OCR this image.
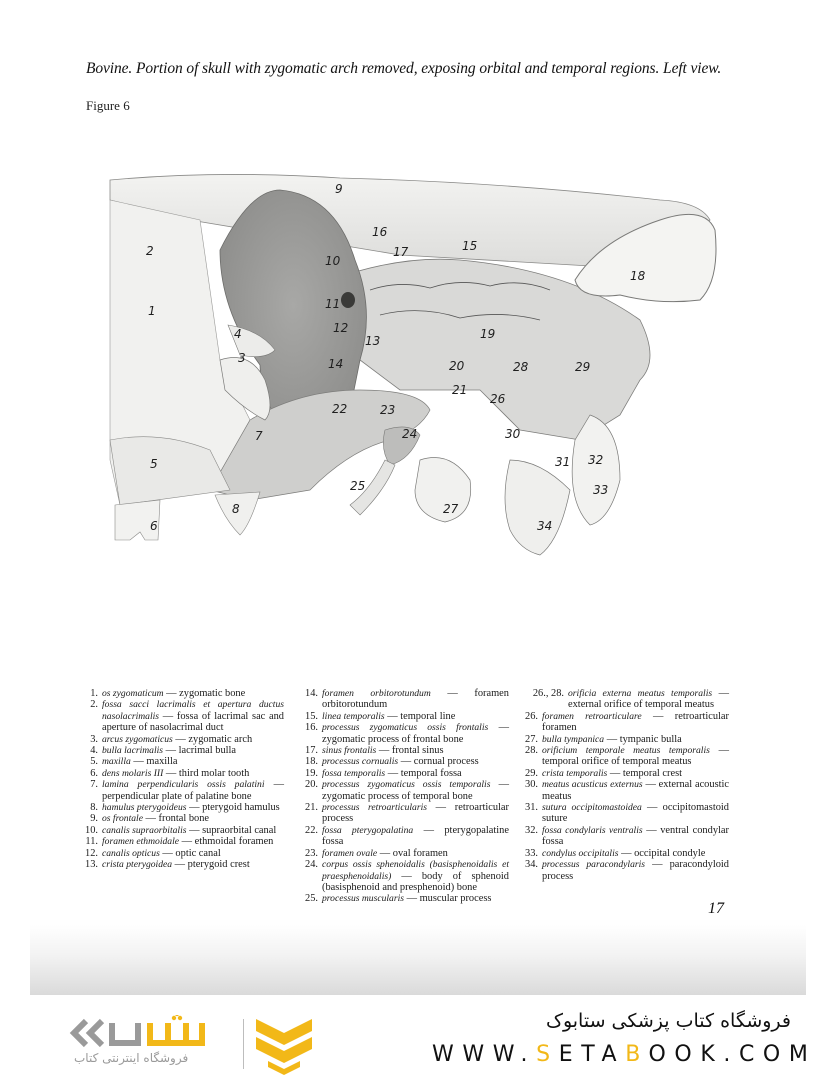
Bovine. Portion of skull with zygomatic arch removed, exposing orbital and temporal regions. Left view.
Figure 6
2
1
4
3
5
6
7
8
9
10
11
12
13
14
15
16
17
18
19
20
21
22	23
24
25
26
27
28	29
30
31 32
33
34
1. os zygomaticum — zygomatic bone
2. fossa sacci lacrimalis et apertura ductus nasolacrimalis — fossa of lacrimal sac and aperture of nasolacrimal duct
3. arcus zygomaticus — zygomatic arch
4. bulla lacrimalis — lacrimal bulla
5. maxilla — maxilla
6. dens molaris III — third molar tooth
7. lamina perpendicularis ossis palatini — perpendicular plate of palatine bone
8. hamulus pterygoideus — pterygoid hamulus
9. os frontale — frontal bone
10. canalis supraorbitalis — supraorbital canal
11. foramen ethmoidale — ethmoidal foramen
12. canalis opticus — optic canal
13. crista pterygoidea — pterygoid crest
14. foramen orbitorotundum — foramen orbitorotundum
15. linea temporalis — temporal line
16. processus zygomaticus ossis frontalis — zygomatic process of frontal bone
17. sinus frontalis — frontal sinus
18. processus cornualis — cornual process
19. fossa temporalis — temporal fossa
20. processus zygomaticus ossis temporalis — zygomatic process of temporal bone
21. processus retroarticularis — retroarticular process
22. fossa pterygopalatina — pterygopalatine fossa
23. foramen ovale — oval foramen
24. corpus ossis sphenoidalis (basisphenoidalis et praesphenoidalis) — body of sphenoid (basisphenoid and presphenoid) bone
25. processus muscularis — muscular process
26., 28. orificia externa meatus temporalis — external orifice of temporal meatus
26. foramen retroarticulare — retroarticular foramen
27. bulla tympanica — tympanic bulla
28. orificium temporale meatus temporalis — temporal orifice of temporal meatus
29. crista temporalis — temporal crest
30. meatus acusticus externus — external acoustic meatus
31. sutura occipitomastoidea — occipitomastoid suture
32. fossa condylaris ventralis — ventral condylar fossa
33. condylus occipitalis — occipital condyle
34. processus paracondylaris — paracondyloid process
17
فروشگاه اینترنتی کتاب
فروشگاه کتاب پزشکی ستابوک
WWW.SETABOOK.COM
